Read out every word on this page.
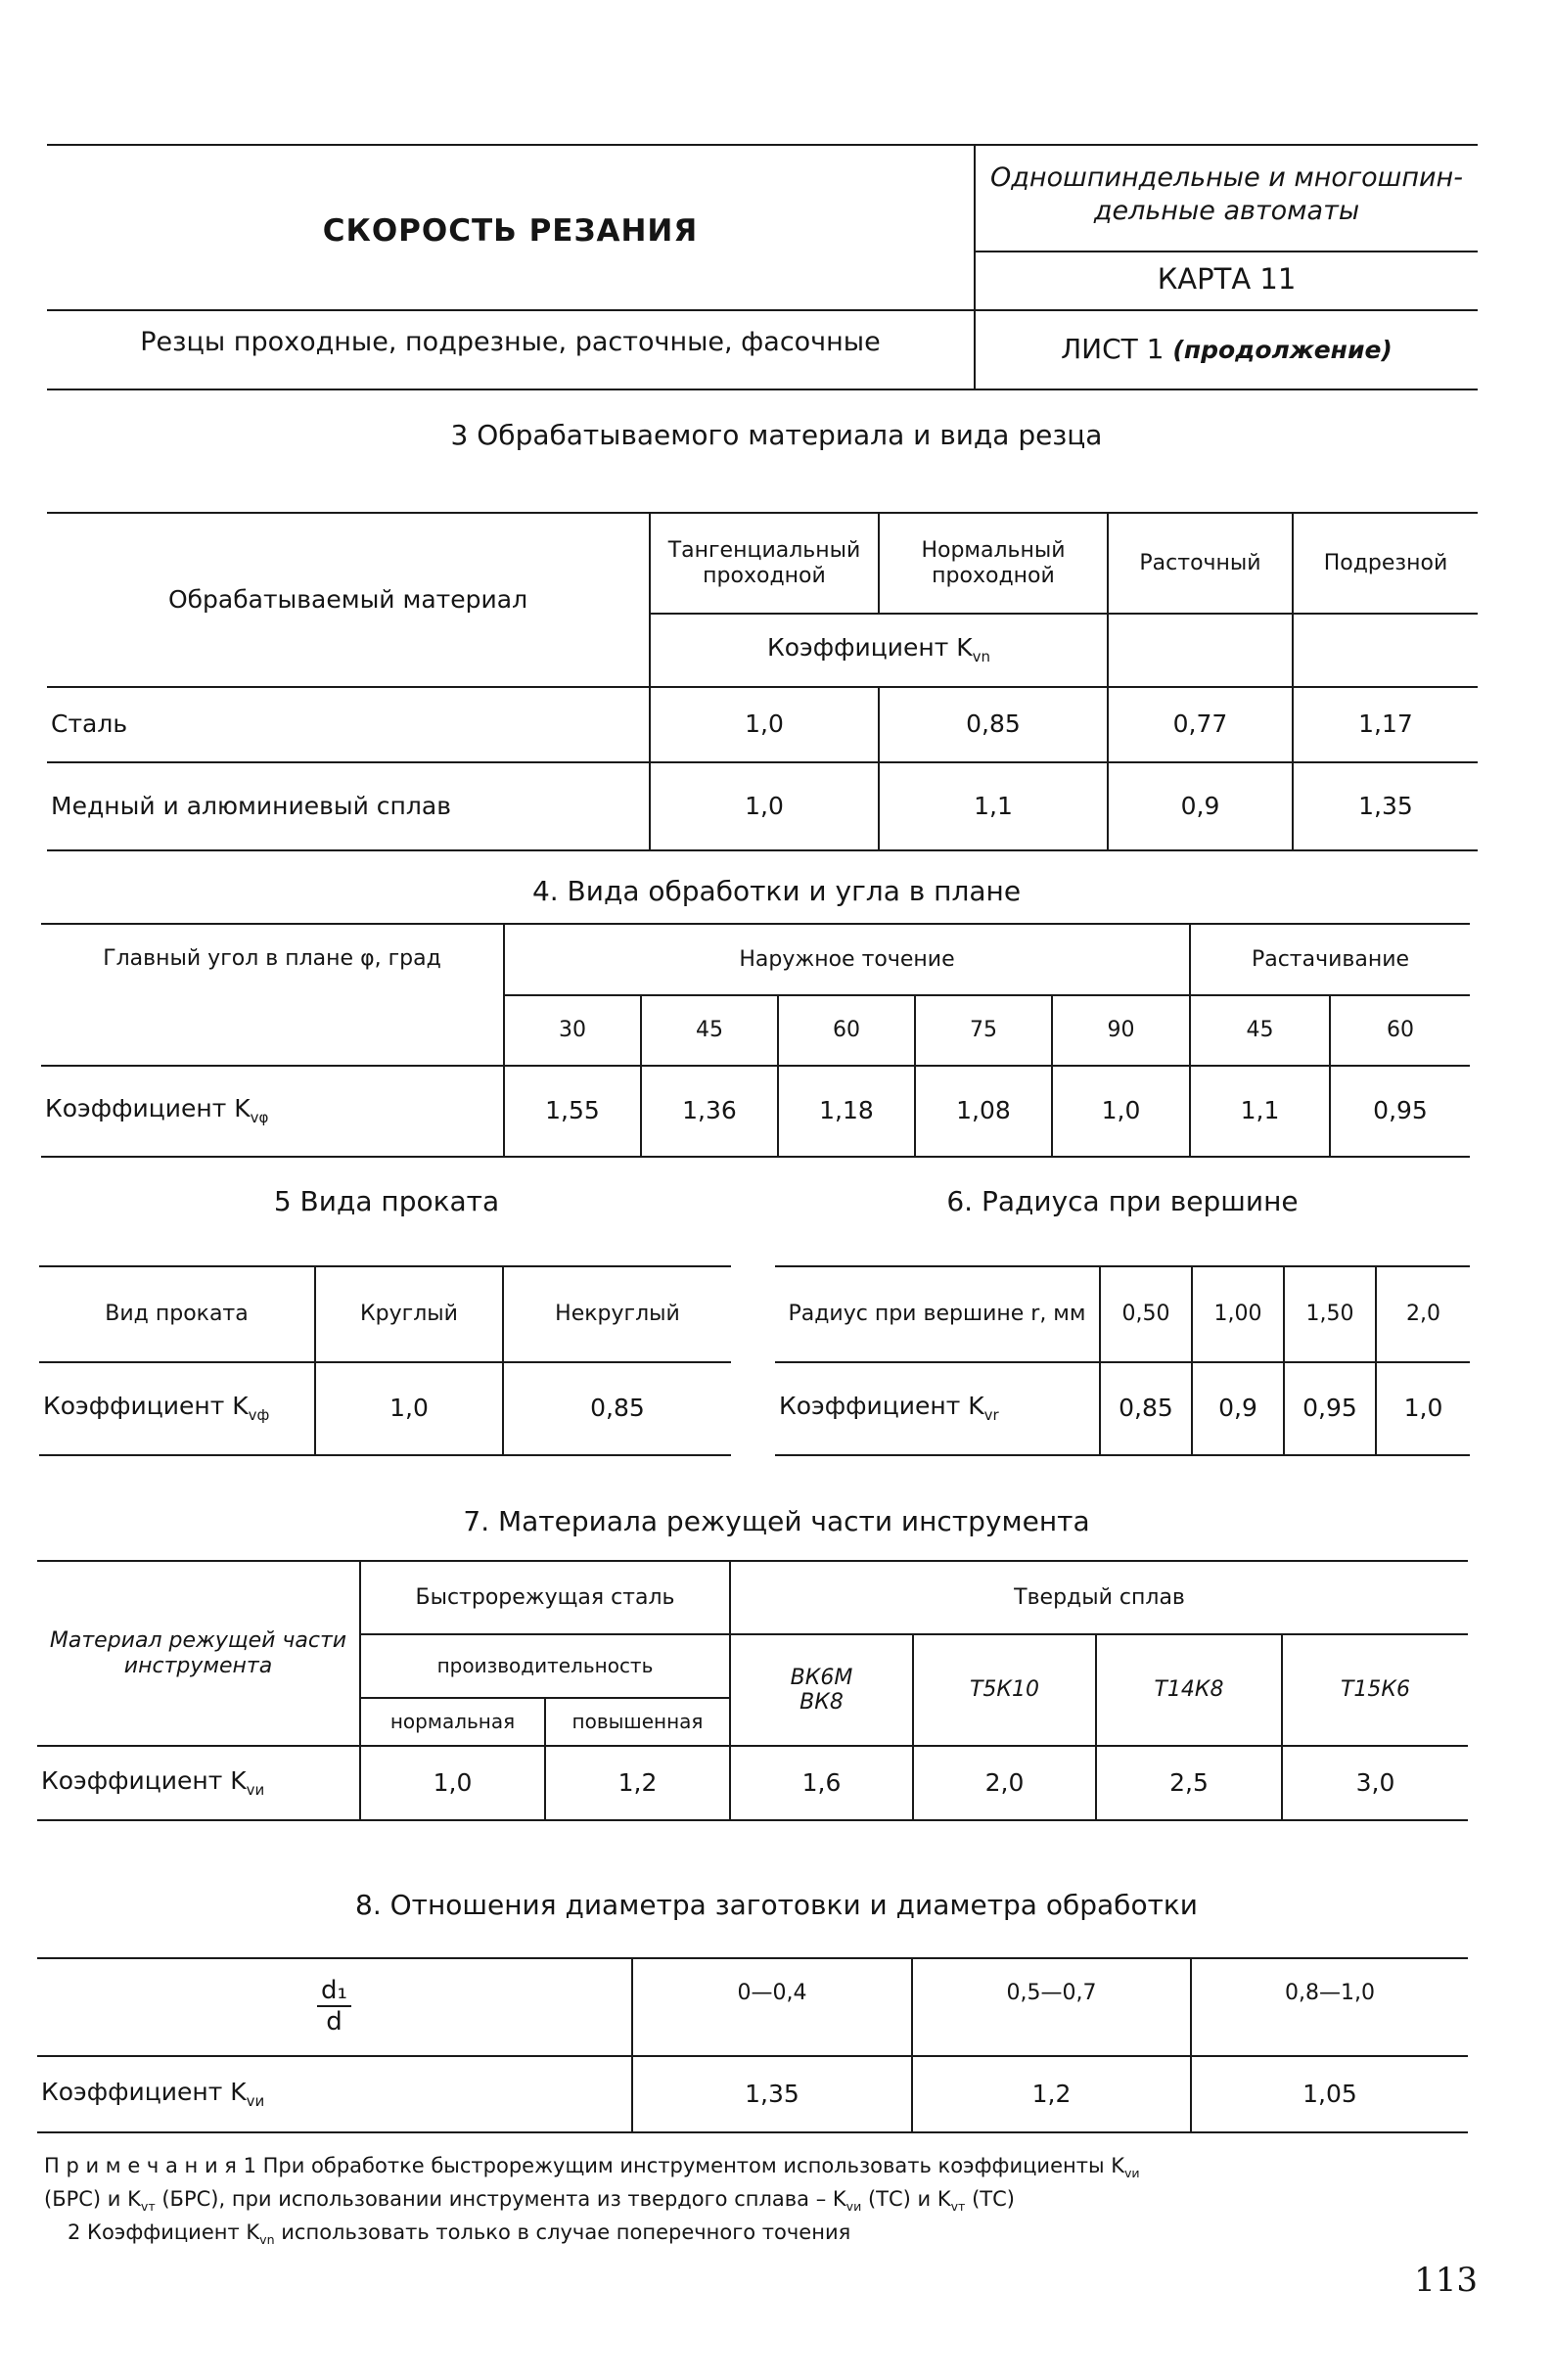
СКОРОСТЬ РЕЗАНИЯ
Одношпиндельные и многошпин-
дельные автоматы
КАРТА 11
Резцы проходные, подрезные, расточные, фасочные	ЛИСТ 1 (продолжение)
3 Обрабатываемого материала и вида резца
Обрабатываемый материал	Тангенциальный проходной	Нормальный проходной	Расточный	Подрезной
	Коэффициент $K_{vn}$		
Сталь	1,0	0,85	0,77	1,17
Медный и алюминиевый сплав	1,0	1,1	0,9	1,35
4. Вида обработки и угла в плане
Главный угол в плане φ, град	Наружное точение					Растачивание	
	30	45	60	75	90	45	60
Коэффициент $K_{v\varphi}$	1,55	1,36	1,18	1,08	1,0	1,1	0,95
5 Вида проката
Вид проката	Круглый	Некруглый
Коэффициент $K_{vф}$	1,0	0,85
6. Радиуса при вершине
Радиус при вершине r, мм	0,50	1,00	1,50	2,0
Коэффициент $K_{vr}$	0,85	0,9	0,95	1,0
7. Материала режущей части инструмента
Материал режущей части инструмента	Быстрорежущая сталь		Твердый сплав			
	производительность		ВК6М ВК8	Т5К10	Т14К8	Т15К6
	нормальная	повышенная				
Коэффициент $K_{vи}$	1,0	1,2	1,6	2,0	2,5	3,0
8. Отношения диаметра заготовки и диаметра обработки
$\frac{\text{d₁}}{d}$	0—0,4	0,5—0,7	0,8—1,0
Коэффициент $K_{vи}$	1,35	1,2	1,05
П р и м е ч а н и я 1 При обработке быстрорежущим инструментом использовать коэффициенты $K_{vи}$
(БРС) и $K_{vт}$ (БРС), при использовании инструмента из твердого сплава – $K_{vи}$ (ТС) и $K_{vт}$ (ТС)
2 Коэффициент $K_{vn}$ использовать только в случае поперечного точения
113
